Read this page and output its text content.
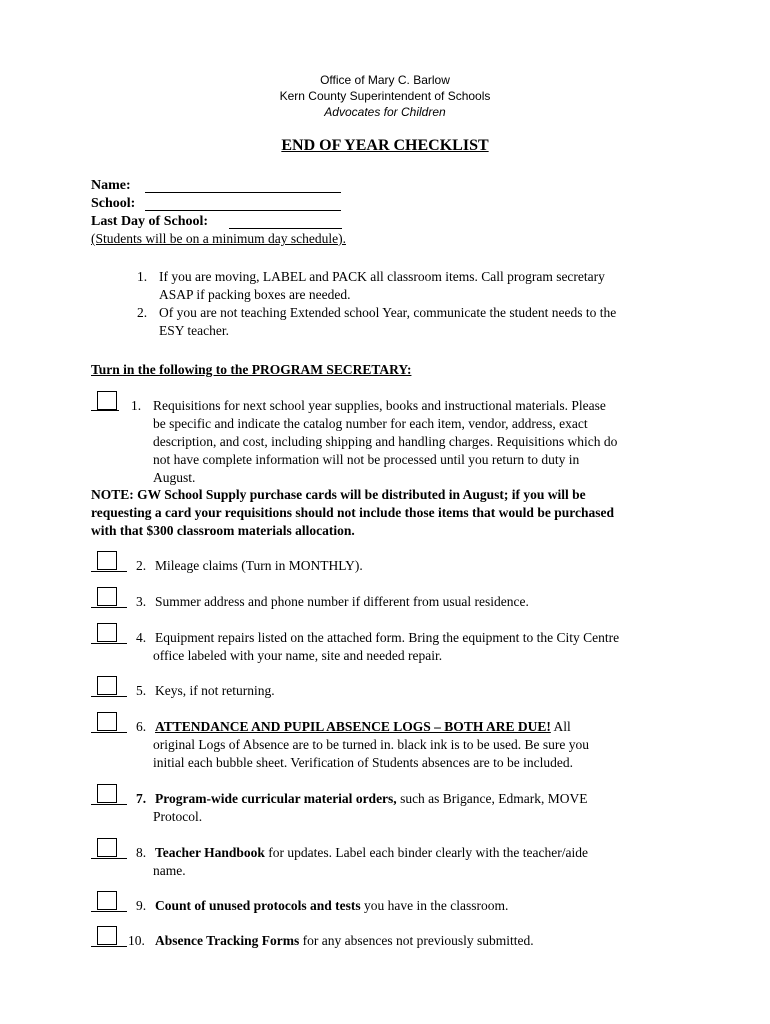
Office of Mary C. Barlow
Kern County Superintendent of Schools
Advocates for Children
END OF YEAR CHECKLIST
Name:
School:
Last Day of School:
(Students will be on a minimum day schedule).
1. If you are moving, LABEL and PACK all classroom items. Call program secretary
ASAP if packing boxes are needed.
2. Of you are not teaching Extended school Year, communicate the student needs to the
ESY teacher.
Turn in the following to the PROGRAM SECRETARY:
1. Requisitions for next school year supplies, books and instructional materials. Please
be specific and indicate the catalog number for each item, vendor, address, exact
description, and cost, including shipping and handling charges. Requisitions which do
not have complete information will not be processed until you return to duty in
August.
NOTE: GW School Supply purchase cards will be distributed in August; if you will be
requesting a card your requisitions should not include those items that would be purchased
with that $300 classroom materials allocation.
2. Mileage claims (Turn in MONTHLY).
3. Summer address and phone number if different from usual residence.
4. Equipment repairs listed on the attached form. Bring the equipment to the City Centre
office labeled with your name, site and needed repair.
5. Keys, if not returning.
6. ATTENDANCE AND PUPIL ABSENCE LOGS – BOTH ARE DUE! All
original Logs of Absence are to be turned in. black ink is to be used. Be sure you
initial each bubble sheet. Verification of Students absences are to be included.
7. Program-wide curricular material orders, such as Brigance, Edmark, MOVE
Protocol.
8. Teacher Handbook for updates. Label each binder clearly with the teacher/aide
name.
9. Count of unused protocols and tests you have in the classroom.
10. Absence Tracking Forms for any absences not previously submitted.
